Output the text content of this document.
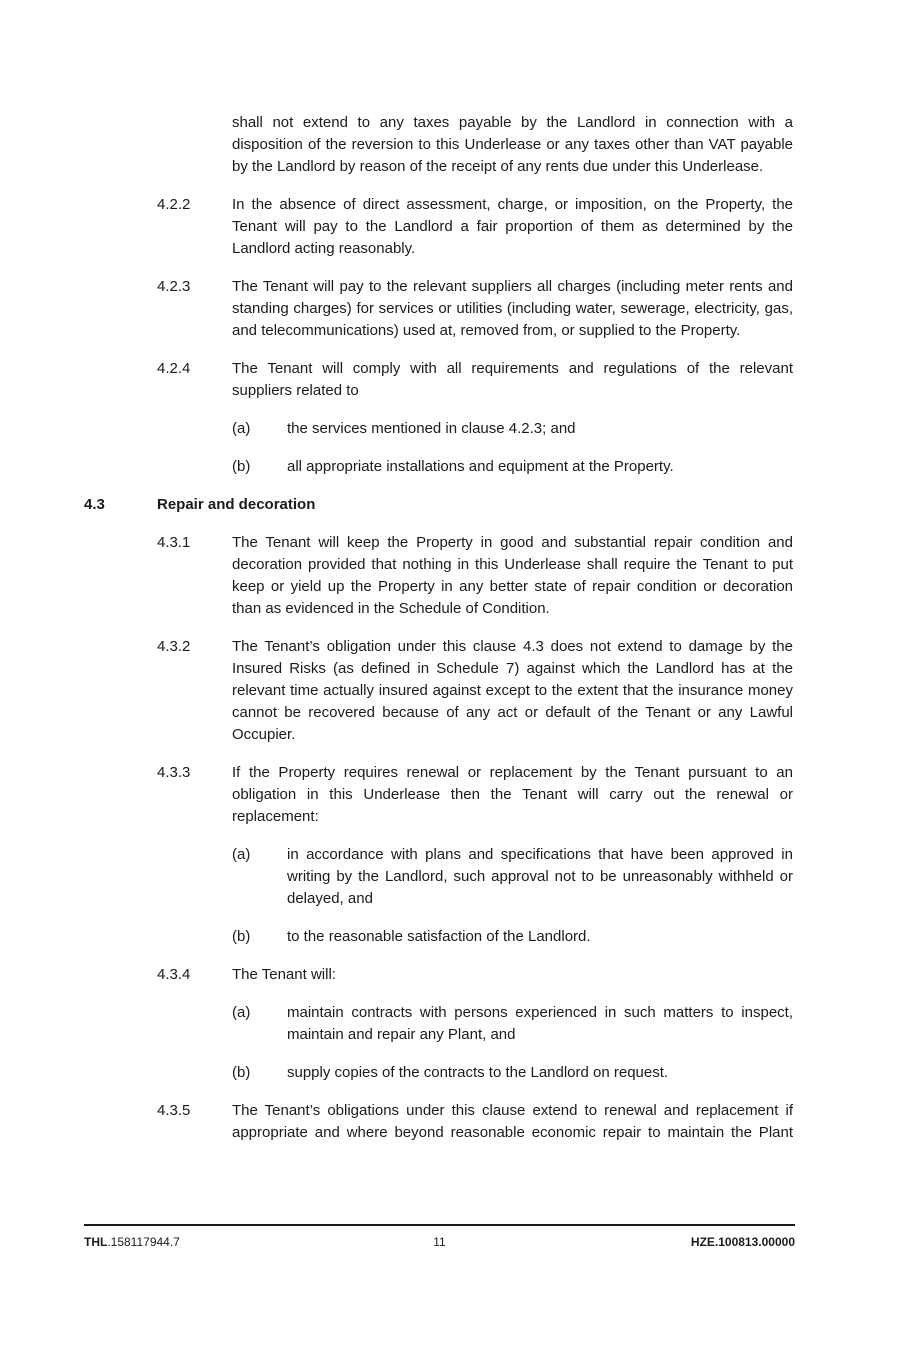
shall not extend to any taxes payable by the Landlord in connection with a disposition of the reversion to this Underlease or any taxes other than VAT payable by the Landlord by reason of the receipt of any rents due under this Underlease.

4.2.2	In the absence of direct assessment, charge, or imposition, on the Property, the Tenant will pay to the Landlord a fair proportion of them as determined by the Landlord acting reasonably.
4.2.3	The Tenant will pay to the relevant suppliers all charges (including meter rents and standing charges) for services or utilities (including water, sewerage, electricity, gas, and telecommunications) used at, removed from, or supplied to the Property.
4.2.4	The Tenant will comply with all requirements and regulations of the relevant suppliers related to
(a)	the services mentioned in clause 4.2.3; and
(b)	all appropriate installations and equipment at the Property.
4.3	Repair and decoration
4.3.1	The Tenant will keep the Property in good and substantial repair condition and decoration provided that nothing in this Underlease shall require the Tenant to put keep or yield up the Property in any better state of repair condition or decoration than as evidenced in the Schedule of Condition.
4.3.2	The Tenant’s obligation under this clause 4.3 does not extend to damage by the Insured Risks (as defined in Schedule 7) against which the Landlord has at the relevant time actually insured against except to the extent that the insurance money cannot be recovered because of any act or default of the Tenant or any Lawful Occupier.
4.3.3	If the Property requires renewal or replacement by the Tenant pursuant to an obligation in this Underlease then the Tenant will carry out the renewal or replacement:
(a)	in accordance with plans and specifications that have been approved in writing by the Landlord, such approval not to be unreasonably withheld or delayed, and
(b)	to the reasonable satisfaction of the Landlord.
4.3.4	The Tenant will:
(a)	maintain contracts with persons experienced in such matters to inspect, maintain and repair any Plant, and
(b)	supply copies of the contracts to the Landlord on request.
4.3.5	The Tenant’s obligations under this clause extend to renewal and replacement if appropriate and where beyond reasonable economic repair to maintain the Plant
THL.158117944.7	11	HZE.100813.00000
